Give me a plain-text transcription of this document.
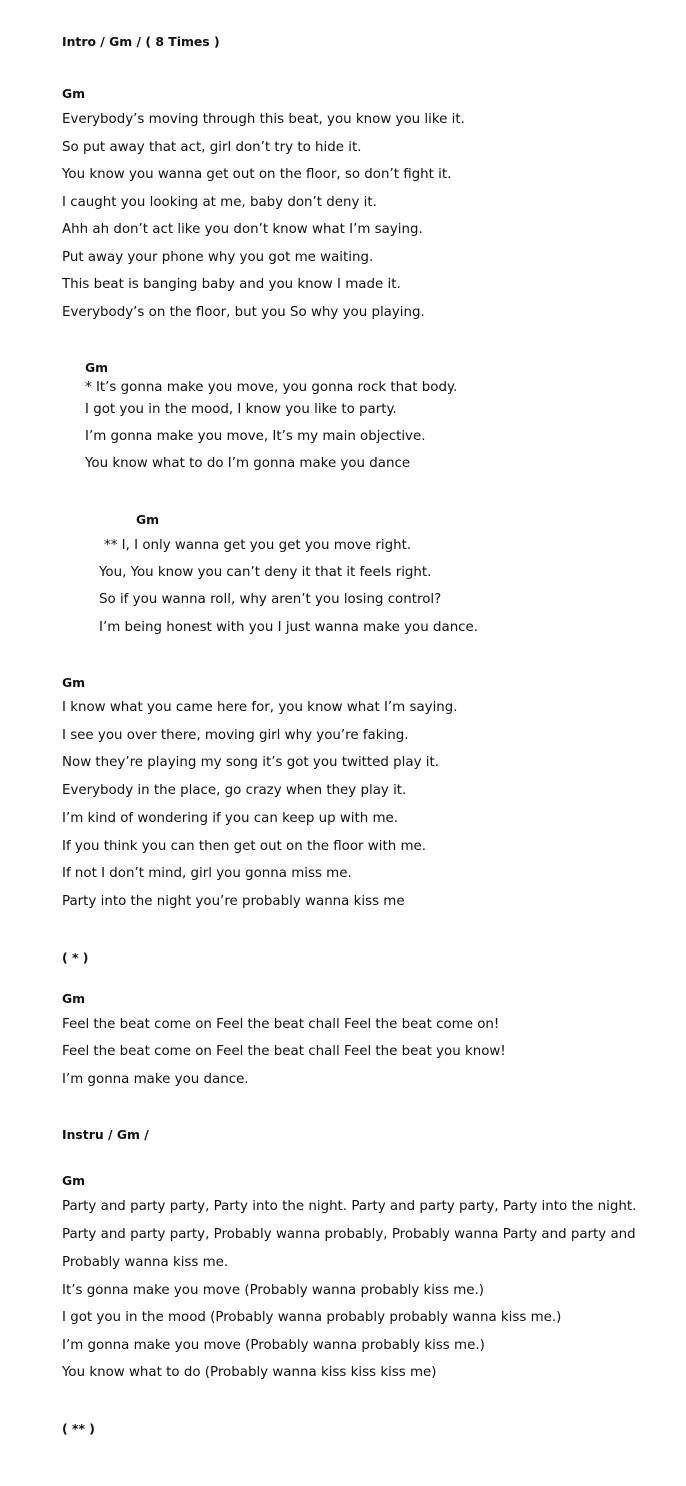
Intro / Gm / ( 8 Times )
Gm
Everybody’s moving through this beat, you know you like it.
So put away that act, girl don’t try to hide it.
You know you wanna get out on the floor, so don’t fight it.
I caught you looking at me, baby don’t deny it.
Ahh ah don’t act like you don’t know what I’m saying.
Put away your phone why you got me waiting.
This beat is banging baby and you know I made it.
Everybody’s on the floor, but you So why you playing.
Gm
* It’s gonna make you move, you gonna rock that body.
I got you in the mood, I know you like to party.
I’m gonna make you move, It’s my main objective.
You know what to do I’m gonna make you dance
Gm
** I, I only wanna get you get you move right.
You, You know you can’t deny it that it feels right.
So if you wanna roll, why aren’t you losing control?
I’m being honest with you I just wanna make you dance.
Gm
I know what you came here for, you know what I’m saying.
I see you over there, moving girl why you’re faking.
Now they’re playing my song it’s got you twitted play it.
Everybody in the place, go crazy when they play it.
I’m kind of wondering if you can keep up with me.
If you think you can then get out on the floor with me.
If not I don’t mind, girl you gonna miss me.
Party into the night you’re probably wanna kiss me
( * )
Gm
Feel the beat come on Feel the beat chall Feel the beat come on!
Feel the beat come on Feel the beat chall Feel the beat you know!
I’m gonna make you dance.
Instru / Gm /
Gm
Party and party party, Party into the night. Party and party party, Party into the night. Party and party party, Probably wanna probably, Probably wanna Party and party and Probably wanna kiss me.
It’s gonna make you move (Probably wanna probably kiss me.)
I got you in the mood (Probably wanna probably probably wanna kiss me.)
I’m gonna make you move (Probably wanna probably kiss me.)
You know what to do (Probably wanna kiss kiss kiss me)
( ** )
